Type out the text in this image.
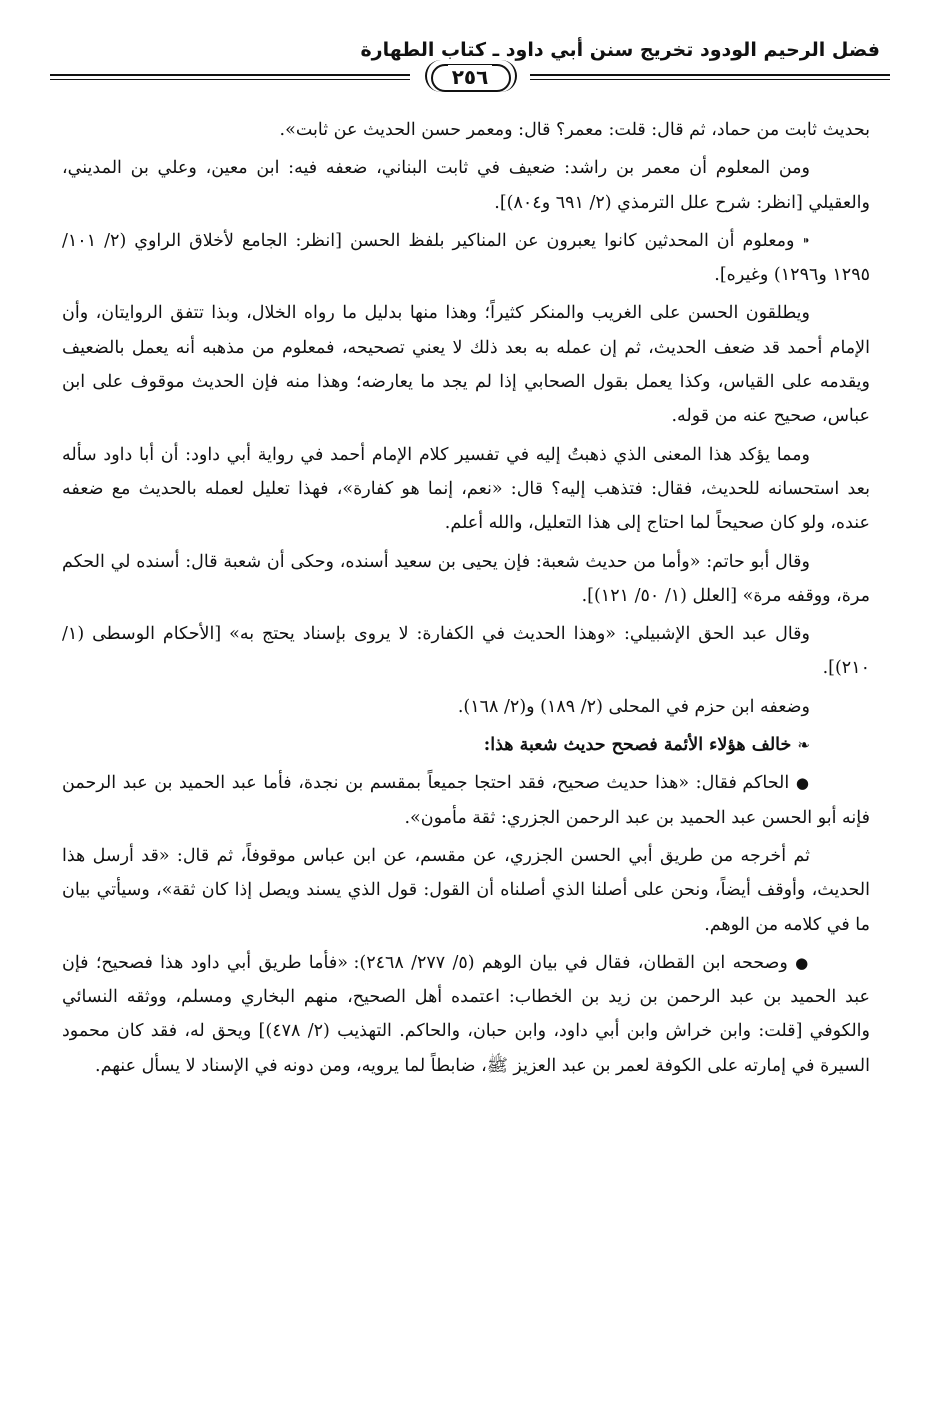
فضل الرحيم الودود تخريج سنن أبي داود ـ كتاب الطهارة
٢٥٦

بحديث ثابت من حماد، ثم قال: قلت: معمر؟ قال: ومعمر حسن الحديث عن ثابت».

ومن المعلوم أن معمر بن راشد: ضعيف في ثابت البناني، ضعفه فيه: ابن معين، وعلي بن المديني، والعقيلي [انظر: شرح علل الترمذي (٢/ ٦٩١ و٨٠٤)].

⁍ ومعلوم أن المحدثين كانوا يعبرون عن المناكير بلفظ الحسن [انظر: الجامع لأخلاق الراوي (٢/ ١٠١/ ١٢٩٥ و١٢٩٦) وغيره].

ويطلقون الحسن على الغريب والمنكر كثيراً؛ وهذا منها بدليل ما رواه الخلال، وبذا تتفق الروايتان، وأن الإمام أحمد قد ضعف الحديث، ثم إن عمله به بعد ذلك لا يعني تصحيحه، فمعلوم من مذهبه أنه يعمل بالضعيف ويقدمه على القياس، وكذا يعمل بقول الصحابي إذا لم يجد ما يعارضه؛ وهذا منه فإن الحديث موقوف على ابن عباس، صحيح عنه من قوله.

ومما يؤكد هذا المعنى الذي ذهبتُ إليه في تفسير كلام الإمام أحمد في رواية أبي داود: أن أبا داود سأله بعد استحسانه للحديث، فقال: فتذهب إليه؟ قال: «نعم، إنما هو كفارة»، فهذا تعليل لعمله بالحديث مع ضعفه عنده، ولو كان صحيحاً لما احتاج إلى هذا التعليل، والله أعلم.

وقال أبو حاتم: «وأما من حديث شعبة: فإن يحيى بن سعيد أسنده، وحكى أن شعبة قال: أسنده لي الحكم مرة، ووقفه مرة» [العلل (١/ ٥٠/ ١٢١)].

وقال عبد الحق الإشبيلي: «وهذا الحديث في الكفارة: لا يروى بإسناد يحتج به» [الأحكام الوسطى (١/ ٢١٠)].

وضعفه ابن حزم في المحلى (٢/ ١٨٩) و(٢/ ١٦٨).

❧ خالف هؤلاء الأئمة فصحح حديث شعبة هذا:

● الحاكم فقال: «هذا حديث صحيح، فقد احتجا جميعاً بمقسم بن نجدة، فأما عبد الحميد بن عبد الرحمن فإنه أبو الحسن عبد الحميد بن عبد الرحمن الجزري: ثقة مأمون».

ثم أخرجه من طريق أبي الحسن الجزري، عن مقسم، عن ابن عباس موقوفاً، ثم قال: «قد أرسل هذا الحديث، وأوقف أيضاً، ونحن على أصلنا الذي أصلناه أن القول: قول الذي يسند ويصل إذا كان ثقة»، وسيأتي بيان ما في كلامه من الوهم.

● وصححه ابن القطان، فقال في بيان الوهم (٥/ ٢٧٧/ ٢٤٦٨): «فأما طريق أبي داود هذا فصحيح؛ فإن عبد الحميد بن عبد الرحمن بن زيد بن الخطاب: اعتمده أهل الصحيح، منهم البخاري ومسلم، ووثقه النسائي والكوفي [قلت: وابن خراش وابن أبي داود، وابن حبان، والحاكم. التهذيب (٢/ ٤٧٨)] ويحق له، فقد كان محمود السيرة في إمارته على الكوفة لعمر بن عبد العزيز ﷺ، ضابطاً لما يرويه، ومن دونه في الإسناد لا يسأل عنهم.
